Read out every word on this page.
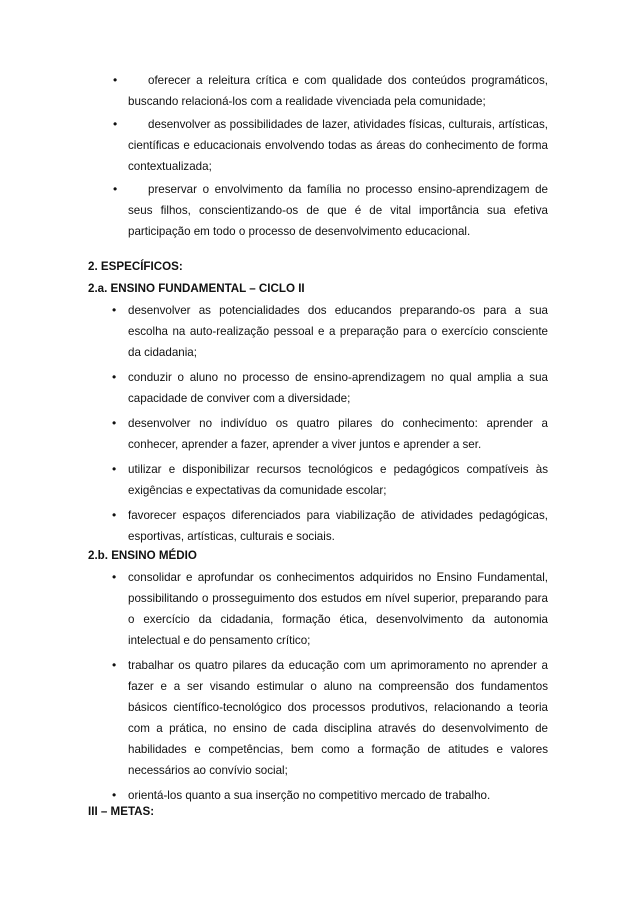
•	oferecer a releitura crítica e com qualidade dos conteúdos programáticos, buscando relacioná-los com a realidade vivenciada pela comunidade;
•	desenvolver as possibilidades de lazer, atividades físicas, culturais, artísticas, científicas e educacionais envolvendo todas as áreas do conhecimento de forma contextualizada;
•	preservar o envolvimento da família no processo ensino-aprendizagem de seus filhos, conscientizando-os de que é de vital importância sua efetiva participação em todo o processo de desenvolvimento educacional.
2. ESPECÍFICOS:
2.a. ENSINO FUNDAMENTAL – CICLO II
• desenvolver as potencialidades dos educandos preparando-os para a sua escolha na auto-realização pessoal e a preparação para o exercício consciente da cidadania;
• conduzir o aluno no processo de ensino-aprendizagem no qual amplia a sua capacidade de conviver com a diversidade;
• desenvolver no indivíduo os quatro pilares do conhecimento: aprender a conhecer, aprender a fazer, aprender a viver juntos e aprender a ser.
• utilizar e disponibilizar recursos tecnológicos e pedagógicos compatíveis às exigências e expectativas da comunidade escolar;
• favorecer espaços diferenciados para viabilização de atividades pedagógicas, esportivas, artísticas, culturais e sociais.
2.b. ENSINO MÉDIO
• consolidar e aprofundar os conhecimentos adquiridos no Ensino Fundamental, possibilitando o prosseguimento dos estudos em nível superior, preparando para o exercício da cidadania, formação ética, desenvolvimento da autonomia intelectual e do pensamento crítico;
• trabalhar os quatro pilares da educação com um aprimoramento no aprender a fazer e a ser visando estimular o aluno na compreensão dos fundamentos básicos científico-tecnológico dos processos produtivos, relacionando a teoria com a prática, no ensino de cada disciplina através do desenvolvimento de habilidades e competências, bem como a formação de atitudes e valores necessários ao convívio social;
• orientá-los quanto a sua inserção no competitivo mercado de trabalho.
III – METAS:
